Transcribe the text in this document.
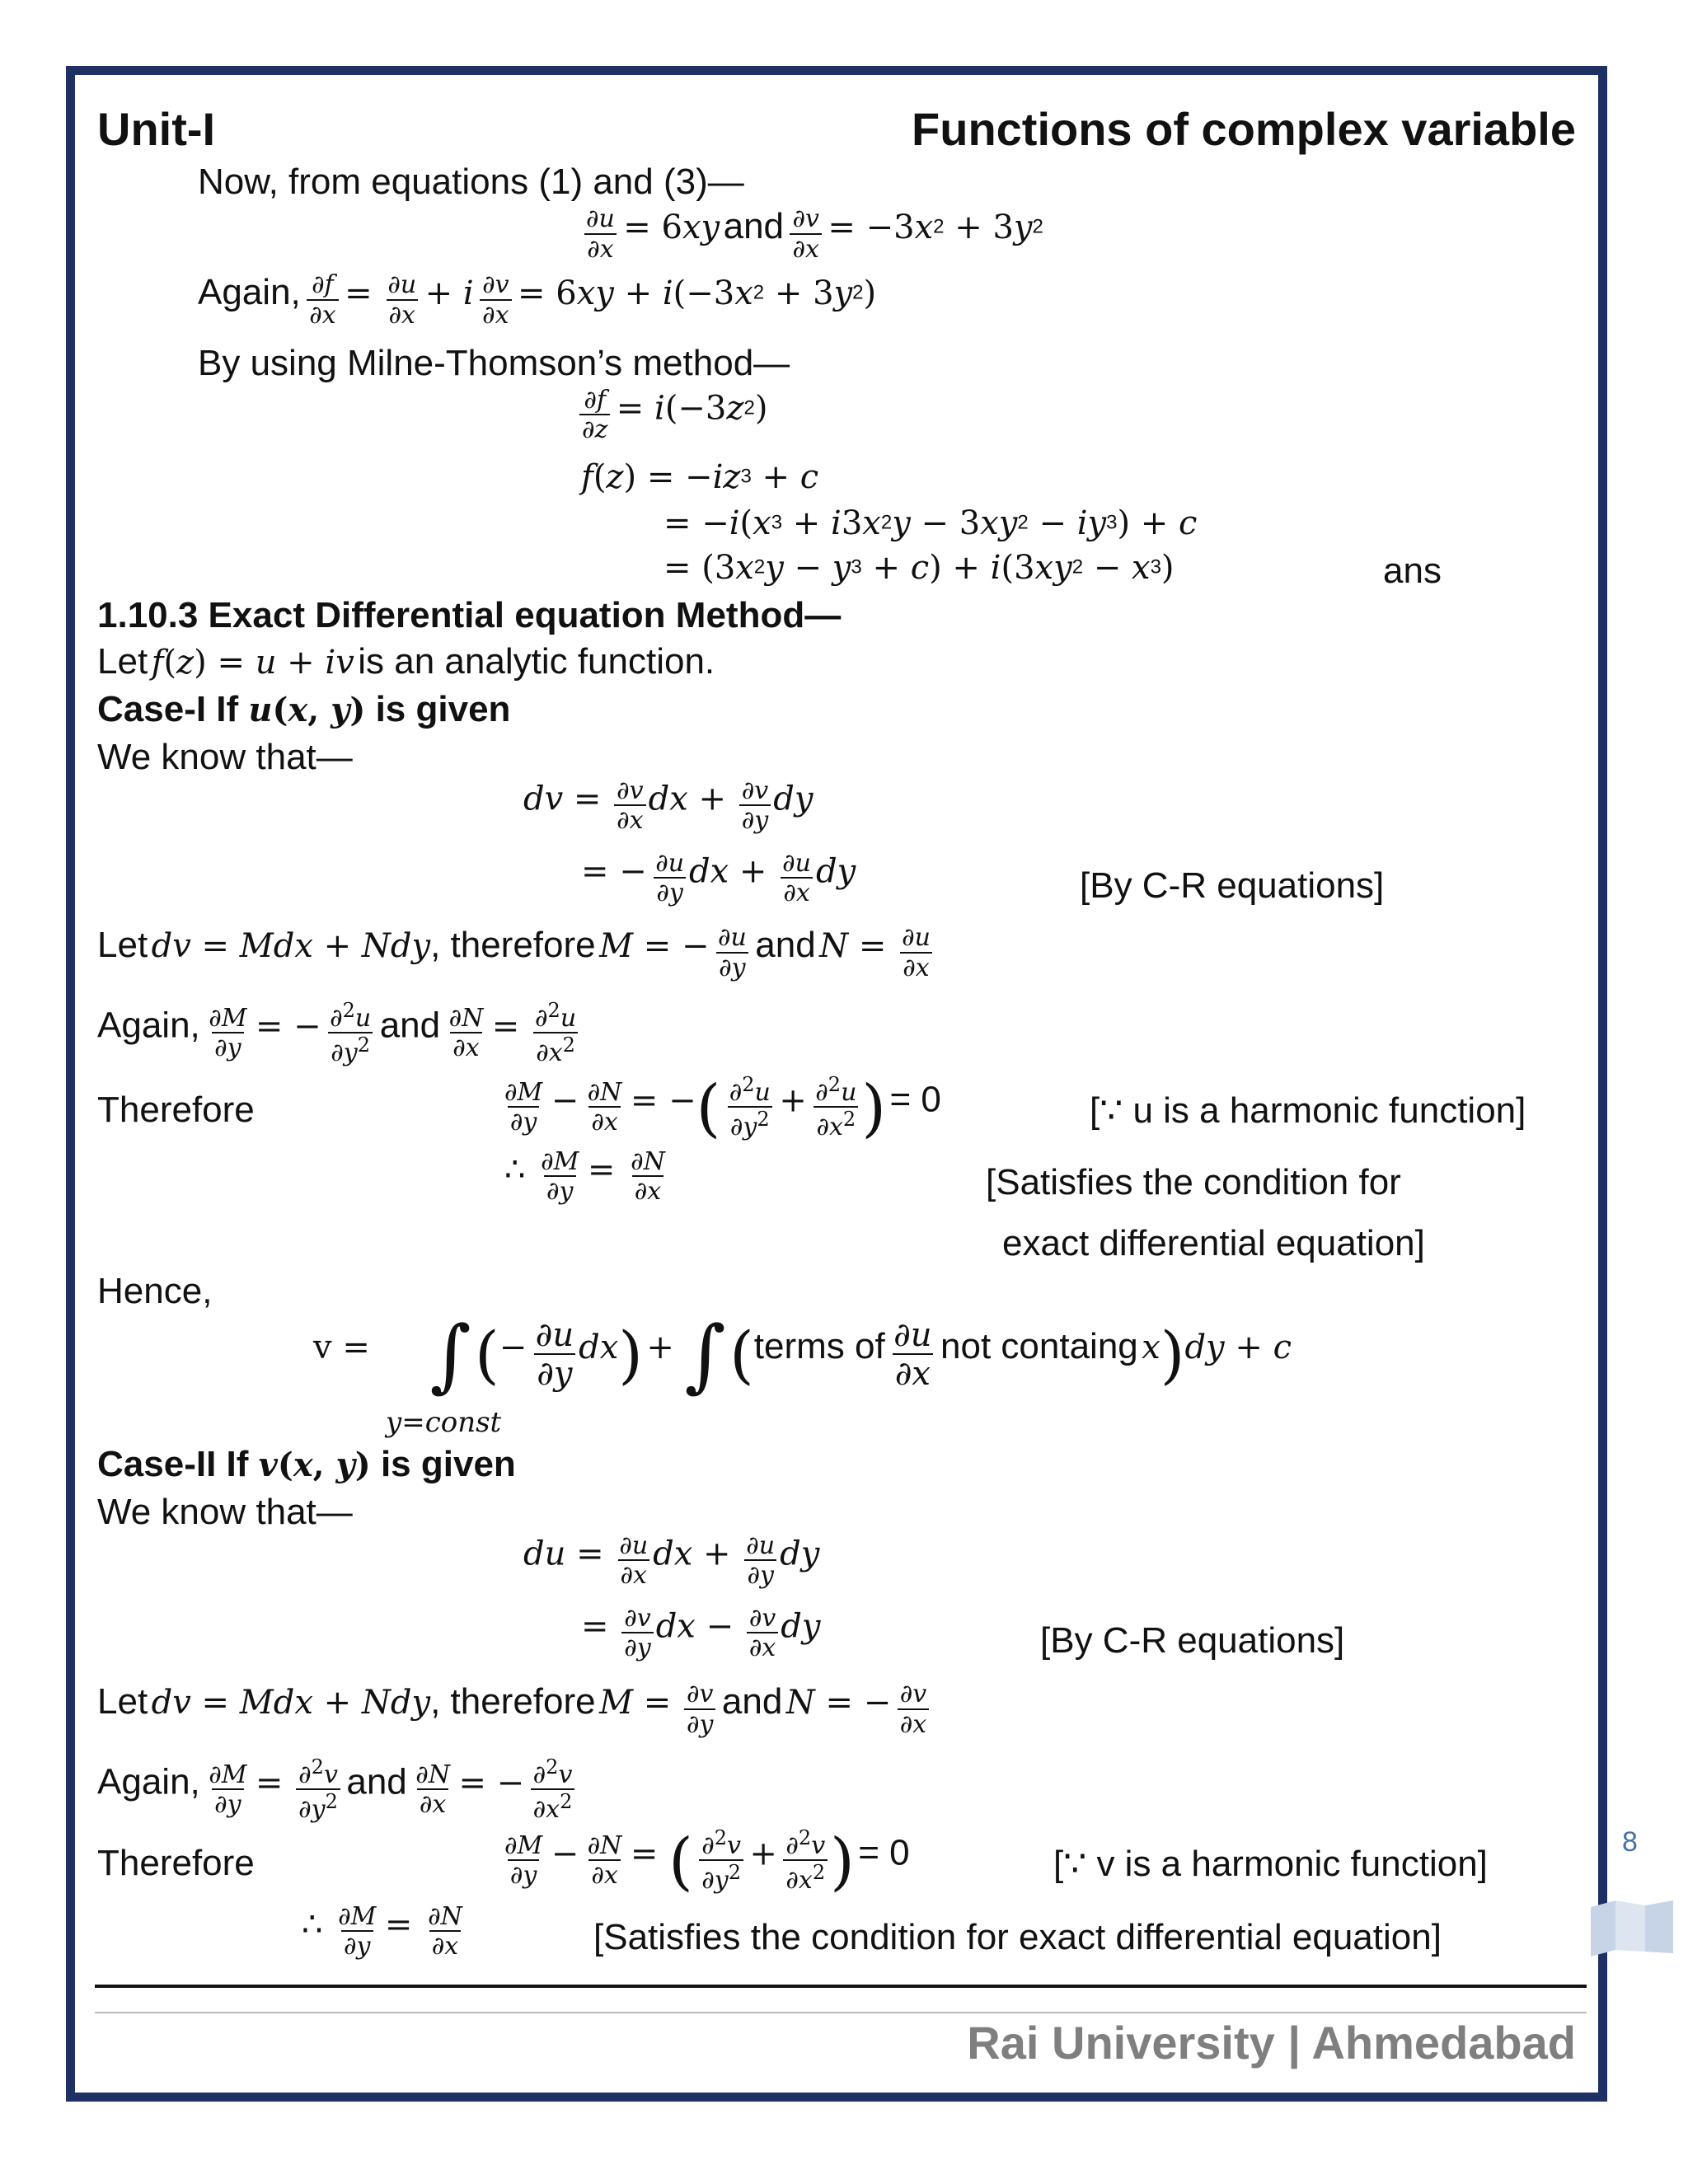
Unit-I	Functions of complex variable
Now, from equations (1) and (3)—
$\frac{\partial u}{\partial x} = 6xy$ and $\frac{\partial v}{\partial x} = -3x2 + 3y2$
Again, $\frac{\partial f}{\partial x} = \frac{\partial u}{\partial x} + i \frac{\partial v}{\partial x} = 6xy + i(-3x2 + 3y2)$
By using Milne-Thomson’s method—
$\frac{\partial f}{\partial z} = i(-3z2)$
f(z) = −iz3 + c
= −i(x3 + i3x2y − 3xy2 − iy3) + c
= (3x2y − y3 + c) + i(3xy2 − x3)	ans
1.10.3 Exact Differential equation Method—
Let f(z) = u + iv is an analytic function.
Case-I If u(x, y) is given
We know that—
dv = $\frac{\partial v}{\partial x}$ dx + $\frac{\partial v}{\partial y}$ dy
= − $\frac{\partial u}{\partial y}$ dx + $\frac{\partial u}{\partial x}$ dy	[By C-R equations]
Let dv = Mdx + Ndy, therefore M = − $\frac{\partial u}{\partial y}$ and $N = \frac{\partial u}{\partial x}$
Again, $\frac{\partial M}{\partial y}$ = − $\frac{\partial^2u}{\partial y^2}$ and $\frac{\partial N}{\partial x} = \frac{\partial^2u}{\partial x^2}$
Therefore	$\frac{\partial M}{\partial y} - \frac{\partial N}{\partial x}$ = −( $\frac{\partial^2u}{\partial y^2} + \frac{\partial^2u}{\partial x^2}$ ) = 0	[∵ u is a harmonic function]
∴ $\frac{\partial M}{\partial y} = \frac{\partial N}{\partial x}$	[Satisfies the condition for
exact differential equation]
Hence,
v = ∫ (− $\frac{\partial u}{\partial y} dx$) + ∫ (terms of $\frac{\partial u}{\partial x}$ not containg x)dy + c
y=const
Case-II If v(x, y) is given
We know that—
du = $\frac{\partial u}{\partial x}$ dx + $\frac{\partial u}{\partial y}$ dy
= $\frac{\partial v}{\partial y}$ dx − $\frac{\partial v}{\partial x}$ dy	[By C-R equations]
Let dv = Mdx + Ndy, therefore $M = \frac{\partial v}{\partial y}$ and N = − $\frac{\partial v}{\partial x}$
Again, $\frac{\partial M}{\partial y} = \frac{\partial^2v}{\partial y^2}$ and $\frac{\partial N}{\partial x}$ = − $\frac{\partial^2v}{\partial x^2}$
Therefore	$\frac{\partial M}{\partial y} - \frac{\partial N}{\partial x}$ = ( $\frac{\partial^2v}{\partial y^2} + \frac{\partial^2v}{\partial x^2}$ ) = 0	[∵ v is a harmonic function]
∴ $\frac{\partial M}{\partial y} = \frac{\partial N}{\partial x}$	[Satisfies the condition for exact differential equation]
Rai University | Ahmedabad
8
